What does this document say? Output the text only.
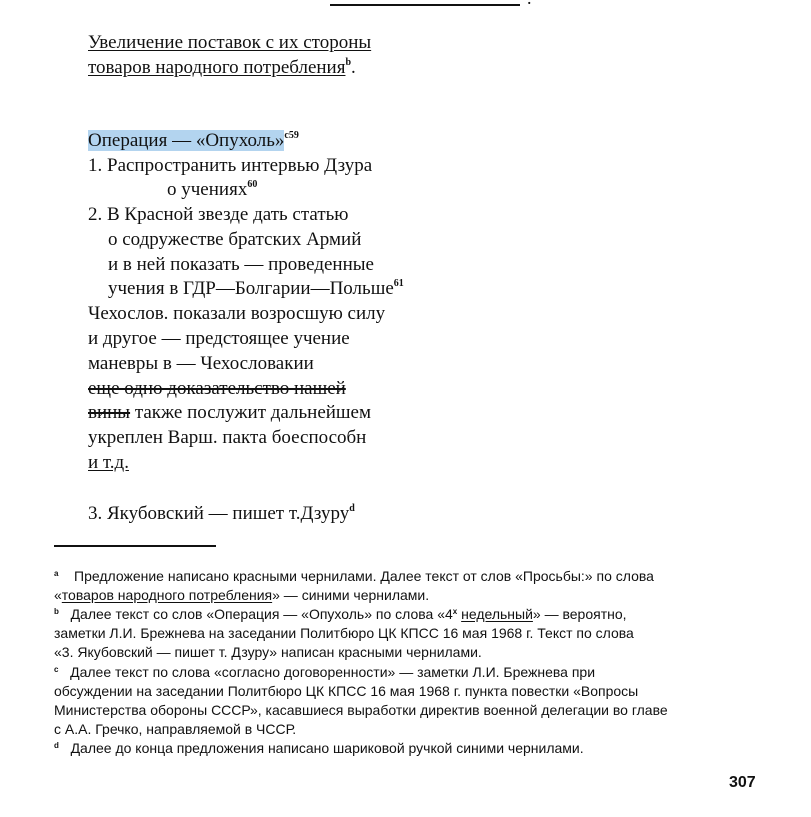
Увеличение поставок с их стороны
товаров народного потребления$^b$.
Операция — «Опухоль»$^{c59}$
1. Распространить интервью Дзура
о учениях$^{60}$
2. В Красной звезде дать статью
о содружестве братских Армий
и в ней показать — проведенные
учения в ГДР—Болгарии—Польше$^{61}$
Чехослов. показали возросшую силу
и другое — предстоящее учение
маневры в — Чехословакии
еще одно доказательство нашей
вины также послужит дальнейшем
укреплен Варш. пакта боеспособн
и т.д.
3. Якубовский — пишет т.Дзуру$^d$
$^a$ Предложение написано красными чернилами. Далее текст от слов «Просьбы:» по слова
«товаров народного потребления» — синими чернилами.
$^b$ Далее текст со слов «Операция — «Опухоль» по слова «$4^х$ недельный» — вероятно,
заметки Л.И. Брежнева на заседании Политбюро ЦК КПСС 16 мая 1968 г. Текст по слова
«3. Якубовский — пишет т. Дзуру» написан красными чернилами.
$^c$ Далее текст по слова «согласно договоренности» — заметки Л.И. Брежнева при
обсуждении на заседании Политбюро ЦК КПСС 16 мая 1968 г. пункта повестки «Вопросы
Министерства обороны СССР», касавшиеся выработки директив военной делегации во главе
с А.А. Гречко, направляемой в ЧССР.
$^d$ Далее до конца предложения написано шариковой ручкой синими чернилами.
307
